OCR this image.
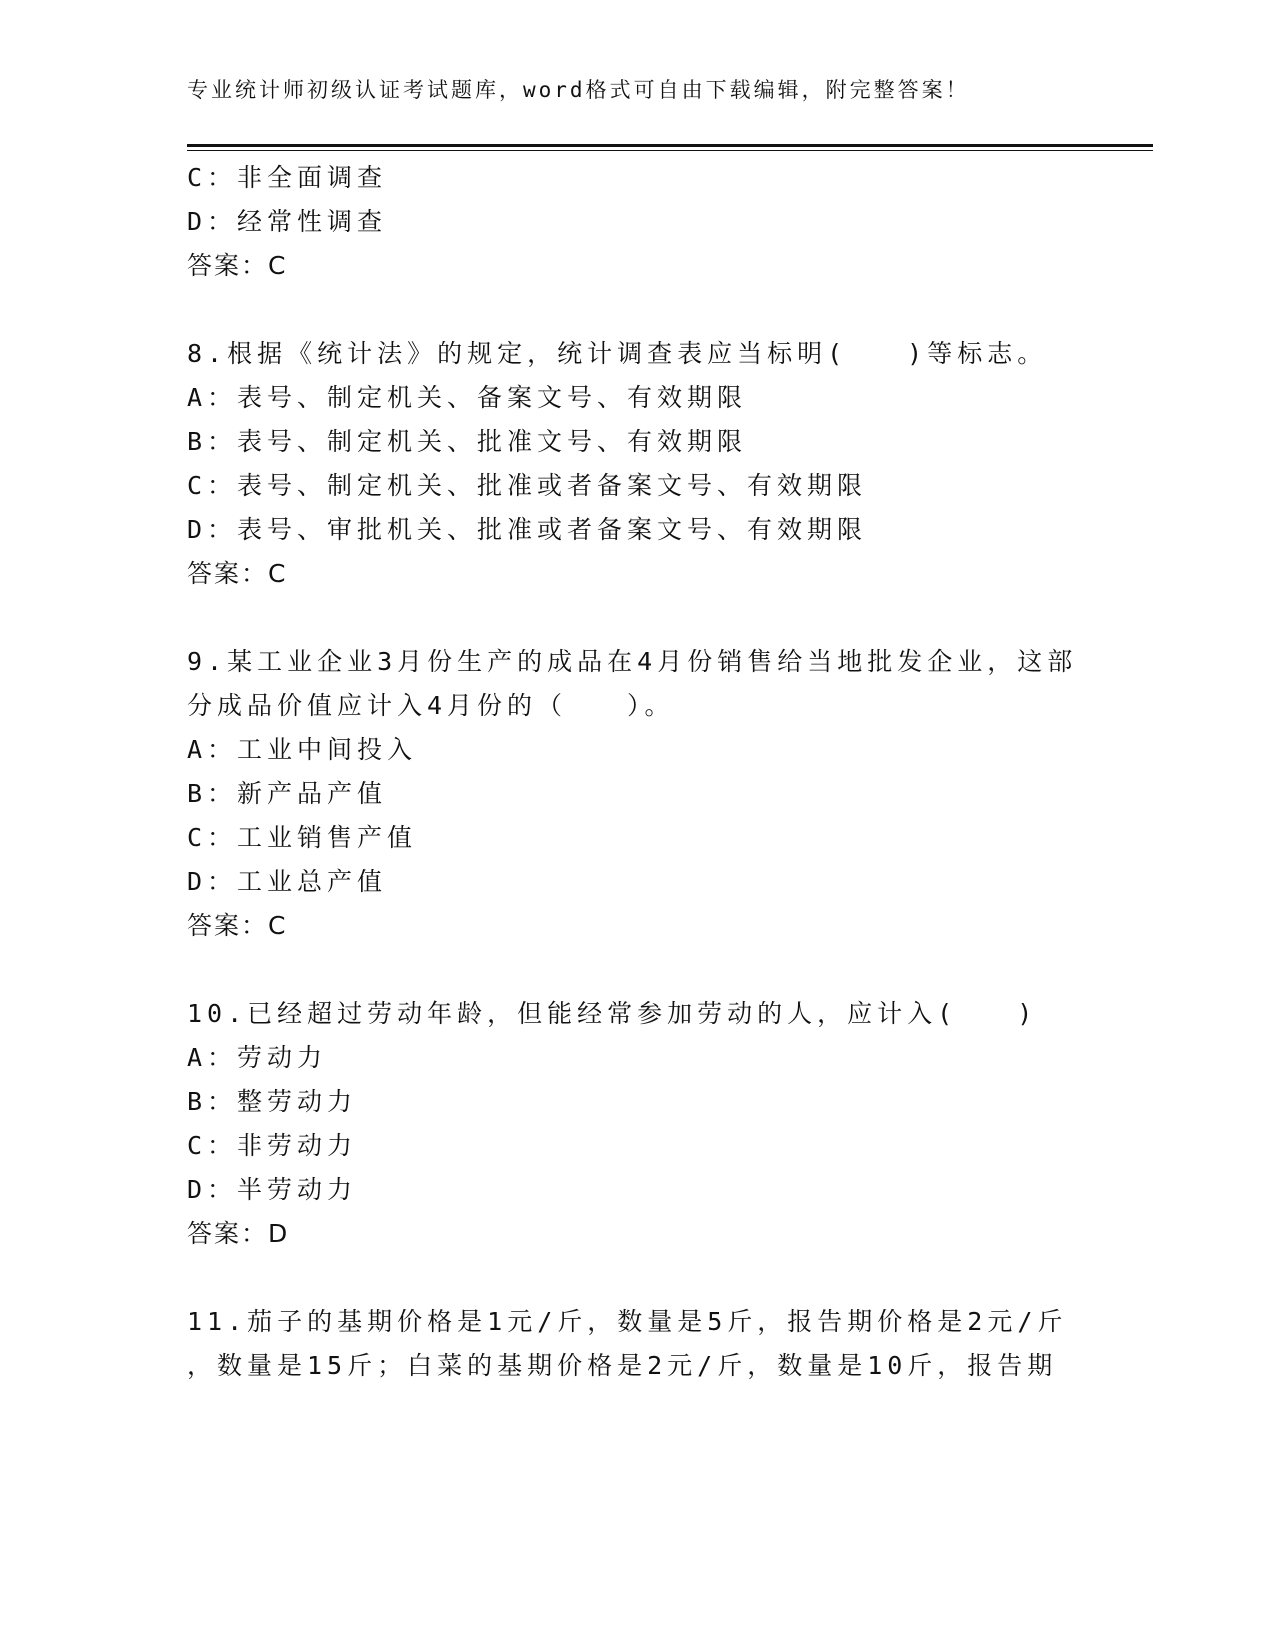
专业统计师初级认证考试题库，word格式可自由下载编辑，附完整答案！
C：非全面调查
D：经常性调查
答案：C
8.根据《统计法》的规定，统计调查表应当标明(　　)等标志。
A：表号、制定机关、备案文号、有效期限
B：表号、制定机关、批准文号、有效期限
C：表号、制定机关、批准或者备案文号、有效期限
D：表号、审批机关、批准或者备案文号、有效期限
答案：C
9.某工业企业3月份生产的成品在4月份销售给当地批发企业，这部
分成品价值应计入4月份的（　　）。
A：工业中间投入
B：新产品产值
C：工业销售产值
D：工业总产值
答案：C
10.已经超过劳动年龄，但能经常参加劳动的人，应计入(　　)
A：劳动力
B：整劳动力
C：非劳动力
D：半劳动力
答案：D
11.茄子的基期价格是1元/斤，数量是5斤，报告期价格是2元/斤
，数量是15斤；白菜的基期价格是2元/斤，数量是10斤，报告期
